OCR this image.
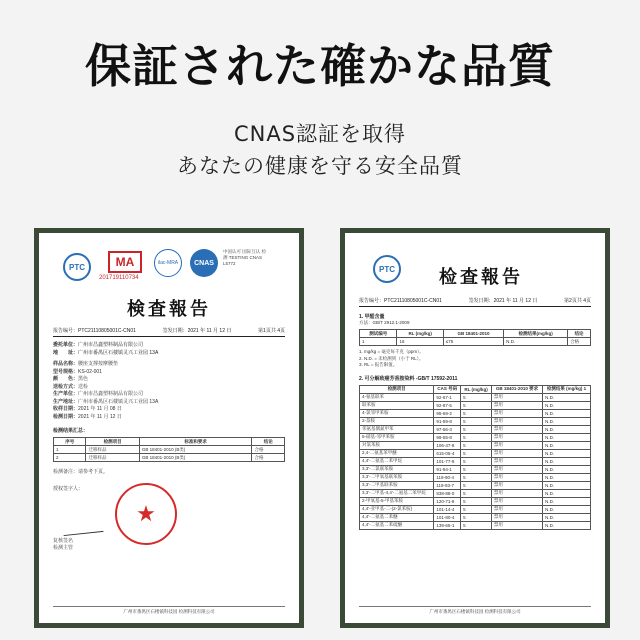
保証された確かな品質
CNAS認証を取得
あなたの健康を守る安全品質
PTC	MA
201719110734
ilac-MRA	CNAS
中国认可 国际互认 检测 TESTING CNAS L5772
検査報告
报告编号：PTC21110805001C-CN01	签发日期：2021 年 11 月 12 日	第1页共 4页
委托单位：广州市昌鑫塑料制品有限公司
地　　址：广州市番禺区石楼镇灵兴工业园 13A
样品名称：腰座支撑按摩腰垫
型号规格：KS-02-001
颜　　色：黑色
送检方式：送检
生产单位：广州市昌鑫塑料制品有限公司
生产地址：广州市番禺区石楼镇灵兴工业园 13A
收样日期：2021 年 11 月 08 日
检测日期：2021 年 11 月 12 日
检测结果汇总：
序号	检测项目	标准和要求	结论
1	迁移样品	GB 18401-2010 (B类)	合格
2	迁移样品	GB 18401-2010 (B类)	合格
检测备注：请参考下页。
授权签字人：
复核签名
检测主管
★
广州市番禺区石楼镇科技园 检测科技有限公司
PTC	检查報告
报告编号：PTC21110805001C-CN01	签发日期：2021 年 11 月 12 日	第2页共 4页
1. 甲醛含量
方法：GB/T 2912.1-2009
测试编号	RL (mg/kg)	GB 18401-2010	检测结果(mg/kg)	结论
1	16	≤75	N.D.	合格
1. mg/kg = 毫克每千克（ppm）。
2. N.D. = 未检测到（小于 RL）。
3. RL = 报告限值。
2. 可分解致癌芳香胺染料 -GB/T 17592-2011
检测项目	CAS 号码	RL (mg/kg)	GB 18401-2010 要求	检测结果 (mg/kg) 1
4-氨基联苯	92-67-1	5	禁用	N.D.
联苯胺	92-87-5	5	禁用	N.D.
4-氯邻甲苯胺	95-69-2	5	禁用	N.D.
2-萘胺	91-59-8	5	禁用	N.D.
邻氨基偶氮甲苯	97-56-3	5	禁用	N.D.
5-硝基-邻甲苯胺	99-55-8	5	禁用	N.D.
对氯苯胺	106-47-8	5	禁用	N.D.
2,4-二氨基苯甲醚	615-05-4	5	禁用	N.D.
4,4'-二氨基二苯甲烷	101-77-9	5	禁用	N.D.
3,3'-二氯联苯胺	91-94-1	5	禁用	N.D.
3,3'-二甲氧基联苯胺	119-90-4	5	禁用	N.D.
3,3'-二甲基联苯胺	119-93-7	5	禁用	N.D.
3,3'-二甲基-4,4'-二氨基二苯甲烷	838-88-0	5	禁用	N.D.
2-甲氧基-5-甲基苯胺	120-71-8	5	禁用	N.D.
4,4'-亚甲基-二-(2-氯苯胺)	101-14-4	5	禁用	N.D.
4,4'-二氨基二苯醚	101-80-4	5	禁用	N.D.
4,4'-二氨基二苯硫醚	139-65-1	5	禁用	N.D.
广州市番禺区石楼镇科技园 检测科技有限公司
